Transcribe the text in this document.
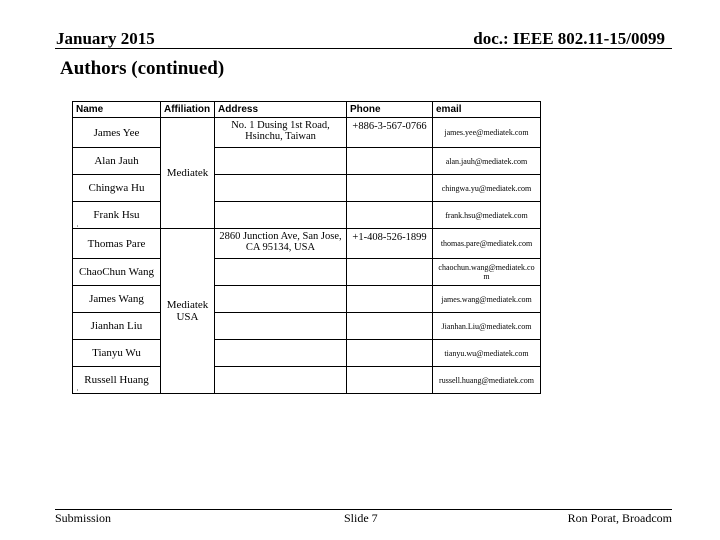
January 2015	doc.: IEEE 802.11-15/0099
Authors (continued)
Name	Affiliation	Address	Phone	email
James Yee	Mediatek	No. 1 Dusing 1st Road, Hsinchu, Taiwan	+886-3-567-0766	james.yee@mediatek.com
Alan Jauh				alan.jauh@mediatek.com
Chingwa Hu				chingwa.yu@mediatek.com
Frank Hsu				frank.hsu@mediatek.com
Thomas Pare	Mediatek USA	2860 Junction Ave, San Jose, CA 95134, USA	+1-408-526-1899	thomas.pare@mediatek.com
ChaoChun Wang				chaochun.wang@mediatek.co m
James Wang				james.wang@mediatek.com
Jianhan Liu				Jianhan.Liu@mediatek.com
Tianyu Wu				tianyu.wu@mediatek.com
Russell Huang				russell.huang@mediatek.com
˙
˙
Submission	Slide 7	Ron Porat, Broadcom
